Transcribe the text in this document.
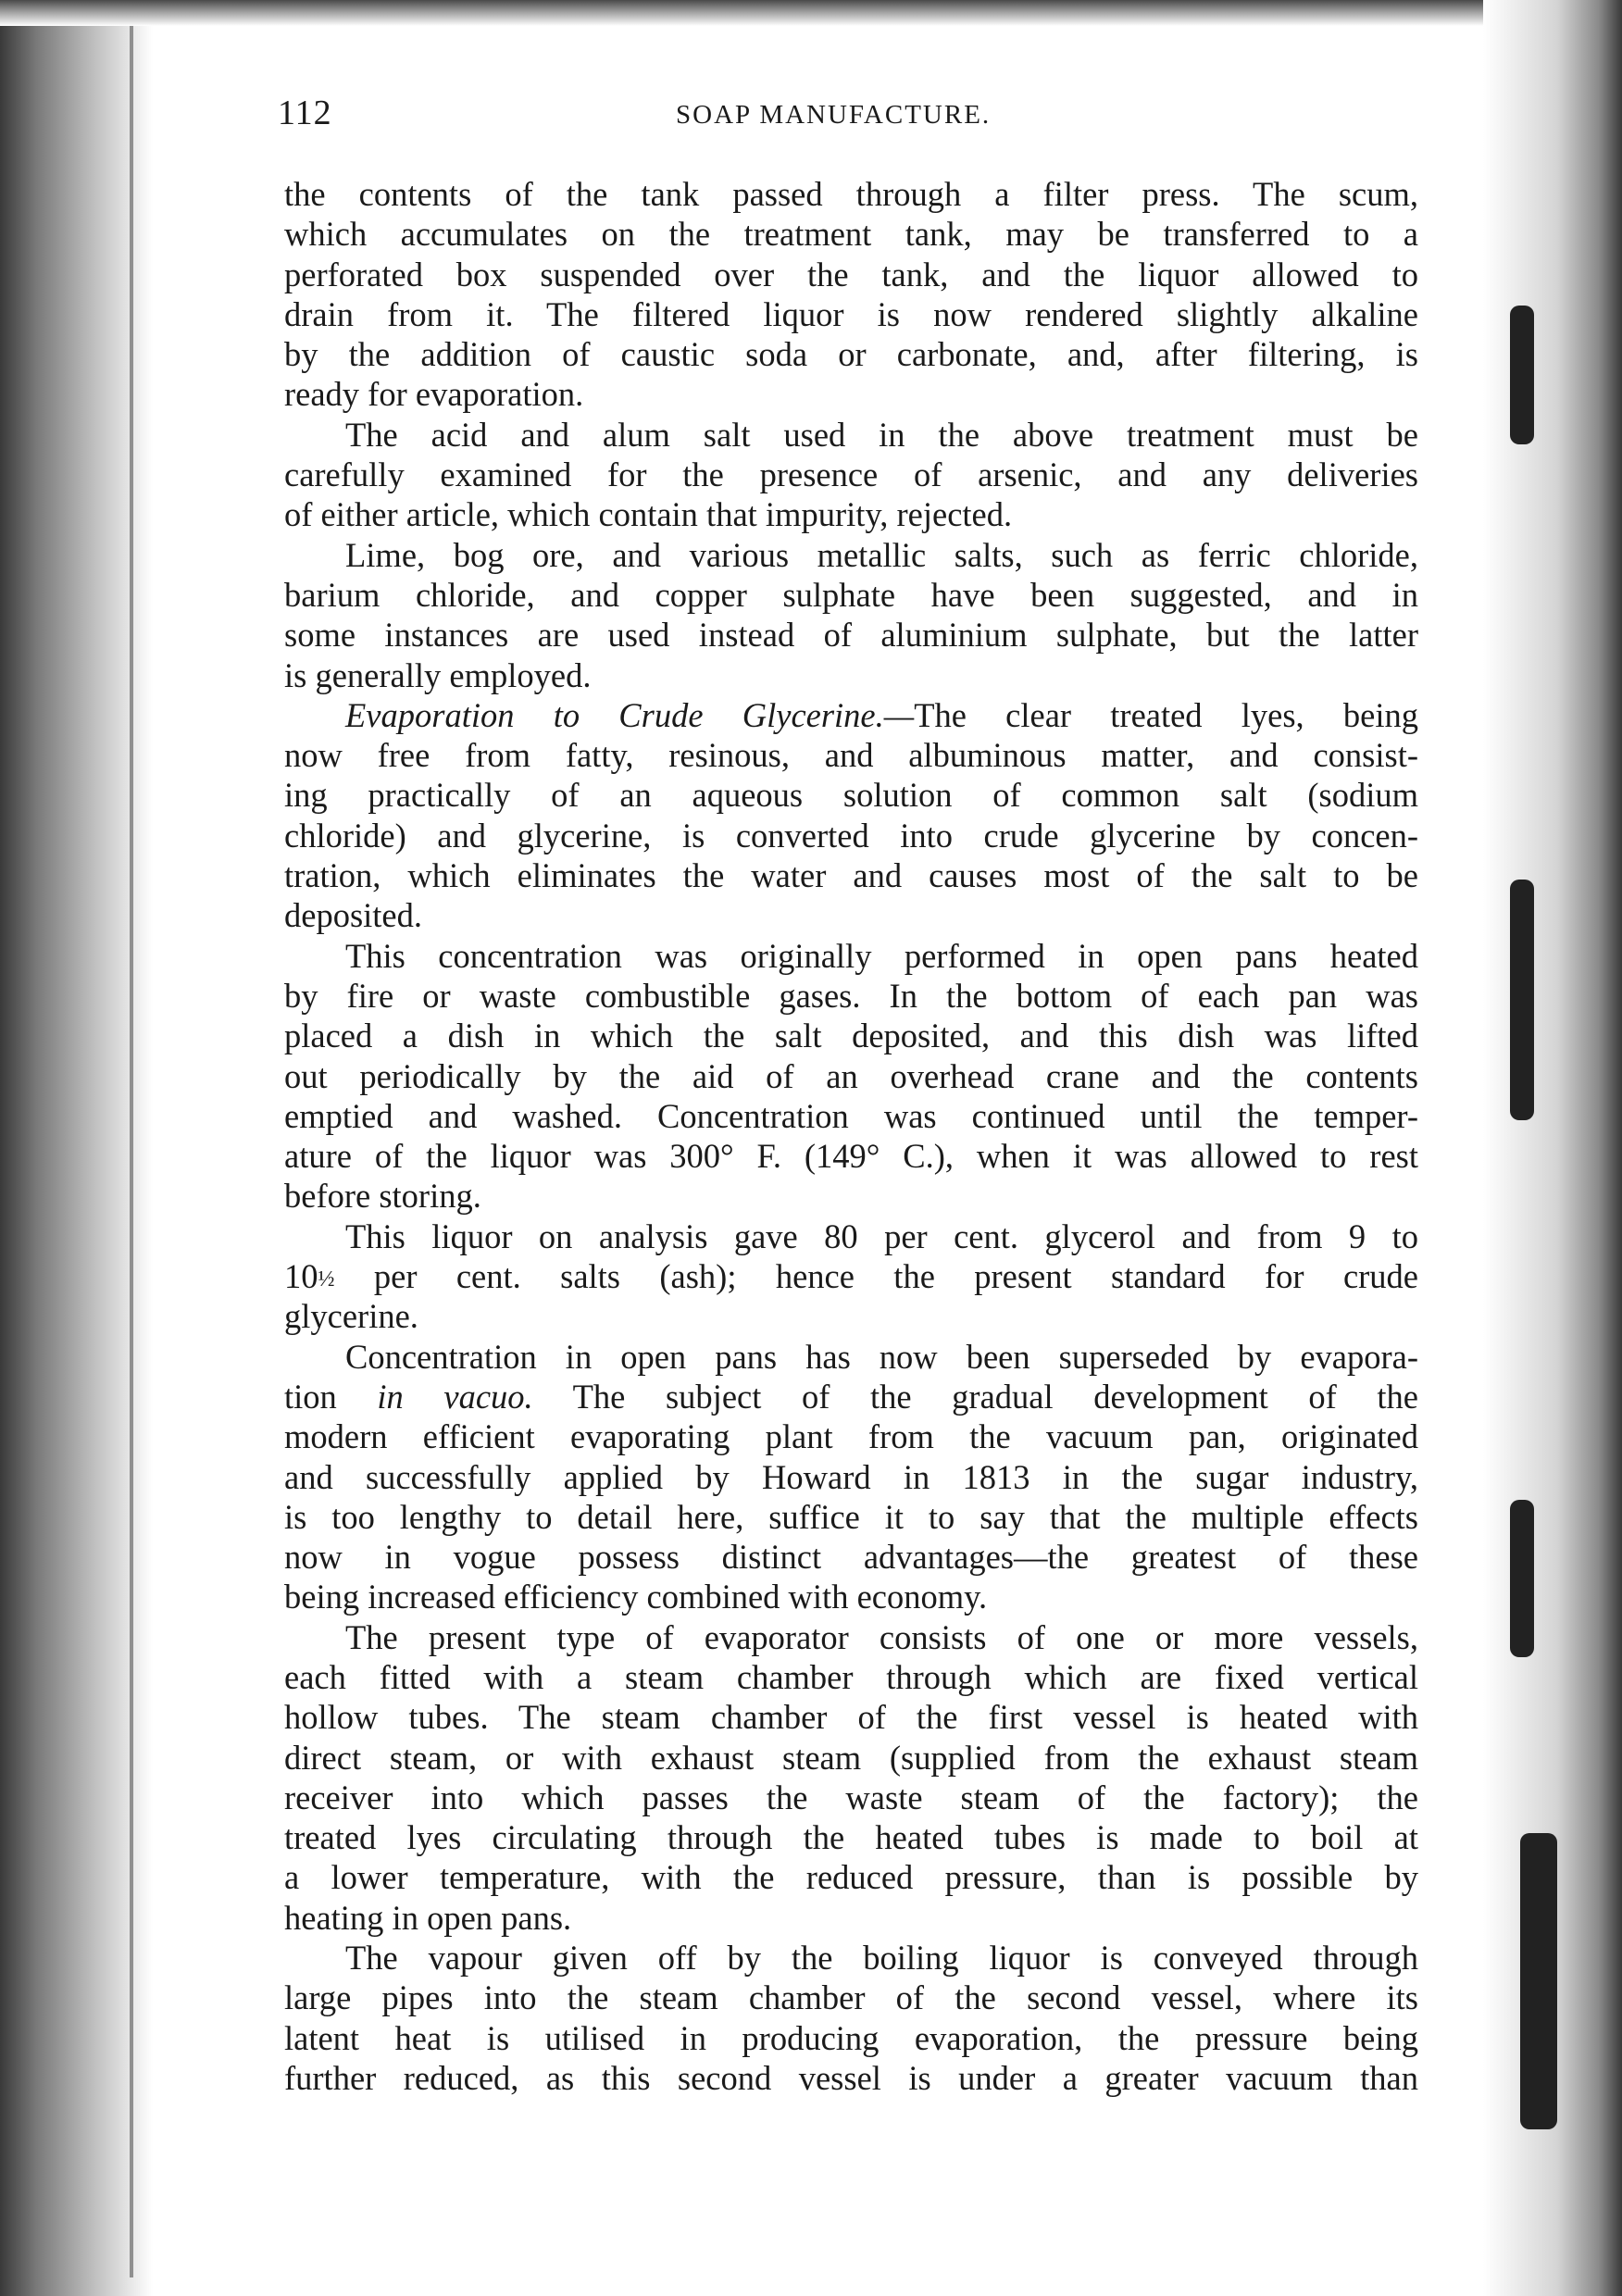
112	SOAP MANUFACTURE.
the contents of the tank passed through a filter press. The scum,
which accumulates on the treatment tank, may be transferred to a
perforated box suspended over the tank, and the liquor allowed to
drain from it. The filtered liquor is now rendered slightly alkaline
by the addition of caustic soda or carbonate, and, after filtering, is
ready for evaporation.
The acid and alum salt used in the above treatment must be
carefully examined for the presence of arsenic, and any deliveries
of either article, which contain that impurity, rejected.
Lime, bog ore, and various metallic salts, such as ferric chloride,
barium chloride, and copper sulphate have been suggested, and in
some instances are used instead of aluminium sulphate, but the latter
is generally employed.
Evaporation to Crude Glycerine.—The clear treated lyes, being
now free from fatty, resinous, and albuminous matter, and consist-
ing practically of an aqueous solution of common salt (sodium
chloride) and glycerine, is converted into crude glycerine by concen-
tration, which eliminates the water and causes most of the salt to be
deposited.
This concentration was originally performed in open pans heated
by fire or waste combustible gases. In the bottom of each pan was
placed a dish in which the salt deposited, and this dish was lifted
out periodically by the aid of an overhead crane and the contents
emptied and washed. Concentration was continued until the temper-
ature of the liquor was 300° F. (149° C.), when it was allowed to rest
before storing.
This liquor on analysis gave 80 per cent. glycerol and from 9 to
10½ per cent. salts (ash); hence the present standard for crude
glycerine.
Concentration in open pans has now been superseded by evapora-
tion in vacuo. The subject of the gradual development of the
modern efficient evaporating plant from the vacuum pan, originated
and successfully applied by Howard in 1813 in the sugar industry,
is too lengthy to detail here, suffice it to say that the multiple effects
now in vogue possess distinct advantages—the greatest of these
being increased efficiency combined with economy.
The present type of evaporator consists of one or more vessels,
each fitted with a steam chamber through which are fixed vertical
hollow tubes. The steam chamber of the first vessel is heated with
direct steam, or with exhaust steam (supplied from the exhaust steam
receiver into which passes the waste steam of the factory); the
treated lyes circulating through the heated tubes is made to boil at
a lower temperature, with the reduced pressure, than is possible by
heating in open pans.
The vapour given off by the boiling liquor is conveyed through
large pipes into the steam chamber of the second vessel, where its
latent heat is utilised in producing evaporation, the pressure being
further reduced, as this second vessel is under a greater vacuum than
